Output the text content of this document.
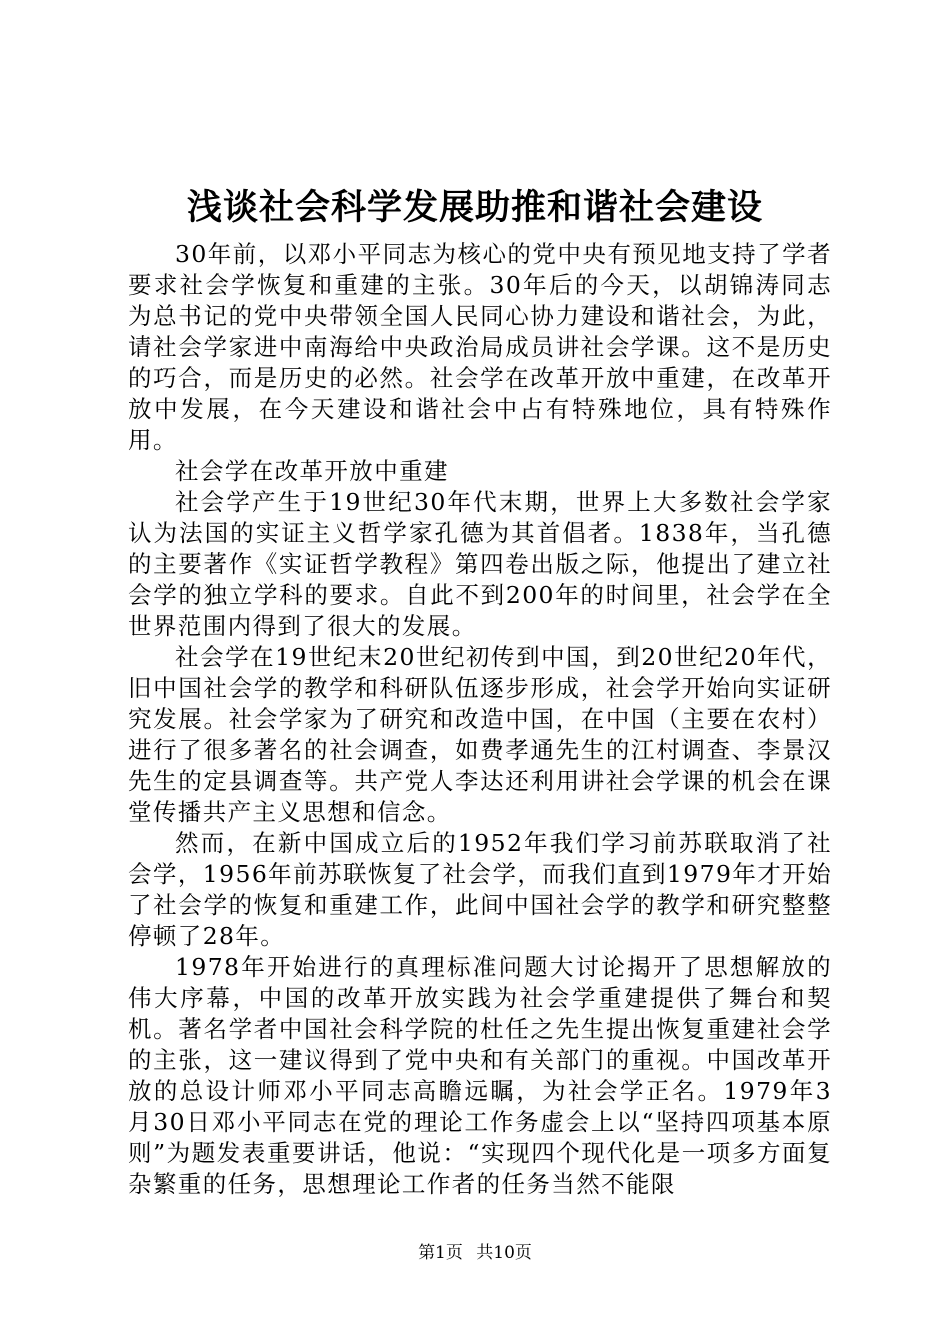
浅谈社会科学发展助推和谐社会建设

30年前，以邓小平同志为核心的党中央有预见地支持了学者要求社会学恢复和重建的主张。30年后的今天，以胡锦涛同志为总书记的党中央带领全国人民同心协力建设和谐社会，为此，请社会学家进中南海给中央政治局成员讲社会学课。这不是历史的巧合，而是历史的必然。社会学在改革开放中重建，在改革开放中发展，在今天建设和谐社会中占有特殊地位，具有特殊作用。

社会学在改革开放中重建

社会学产生于19世纪30年代末期，世界上大多数社会学家认为法国的实证主义哲学家孔德为其首倡者。1838年，当孔德的主要著作《实证哲学教程》第四卷出版之际，他提出了建立社会学的独立学科的要求。自此不到200年的时间里，社会学在全世界范围内得到了很大的发展。

社会学在19世纪末20世纪初传到中国，到20世纪20年代，旧中国社会学的教学和科研队伍逐步形成，社会学开始向实证研究发展。社会学家为了研究和改造中国，在中国（主要在农村）进行了很多著名的社会调查，如费孝通先生的江村调查、李景汉先生的定县调查等。共产党人李达还利用讲社会学课的机会在课堂传播共产主义思想和信念。

然而，在新中国成立后的1952年我们学习前苏联取消了社会学，1956年前苏联恢复了社会学，而我们直到1979年才开始了社会学的恢复和重建工作，此间中国社会学的教学和研究整整停顿了28年。

1978年开始进行的真理标准问题大讨论揭开了思想解放的伟大序幕，中国的改革开放实践为社会学重建提供了舞台和契机。著名学者中国社会科学院的杜任之先生提出恢复重建社会学的主张，这一建议得到了党中央和有关部门的重视。中国改革开放的总设计师邓小平同志高瞻远瞩，为社会学正名。1979年3月30日邓小平同志在党的理论工作务虚会上以“坚持四项基本原则”为题发表重要讲话，他说：“实现四个现代化是一项多方面复杂繁重的任务，思想理论工作者的任务当然不能限

第1页 共10页
